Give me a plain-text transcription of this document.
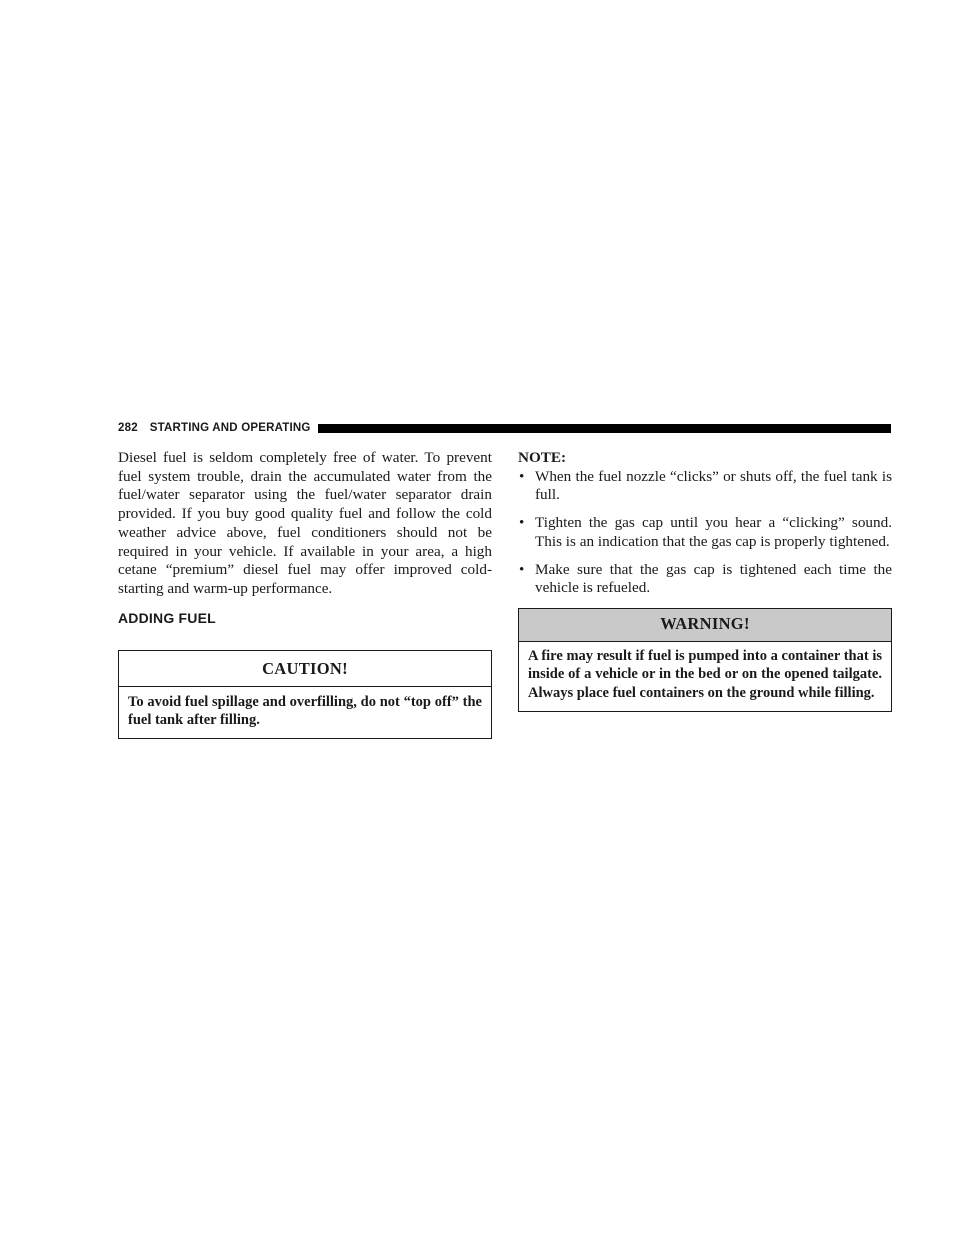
282 STARTING AND OPERATING

Diesel fuel is seldom completely free of water. To prevent fuel system trouble, drain the accumulated water from the fuel/water separator using the fuel/water separator drain provided. If you buy good quality fuel and follow the cold weather advice above, fuel conditioners should not be required in your vehicle. If available in your area, a high cetane “premium” diesel fuel may offer improved cold-starting and warm-up performance.

ADDING FUEL
CAUTION!
To avoid fuel spillage and overfilling, do not “top off” the fuel tank after filling.

NOTE:

• When the fuel nozzle “clicks” or shuts off, the fuel tank is full.
• Tighten the gas cap until you hear a “clicking” sound. This is an indication that the gas cap is properly tightened.
• Make sure that the gas cap is tightened each time the vehicle is refueled.
WARNING!
A fire may result if fuel is pumped into a container that is inside of a vehicle or in the bed or on the opened tailgate. Always place fuel containers on the ground while filling.
